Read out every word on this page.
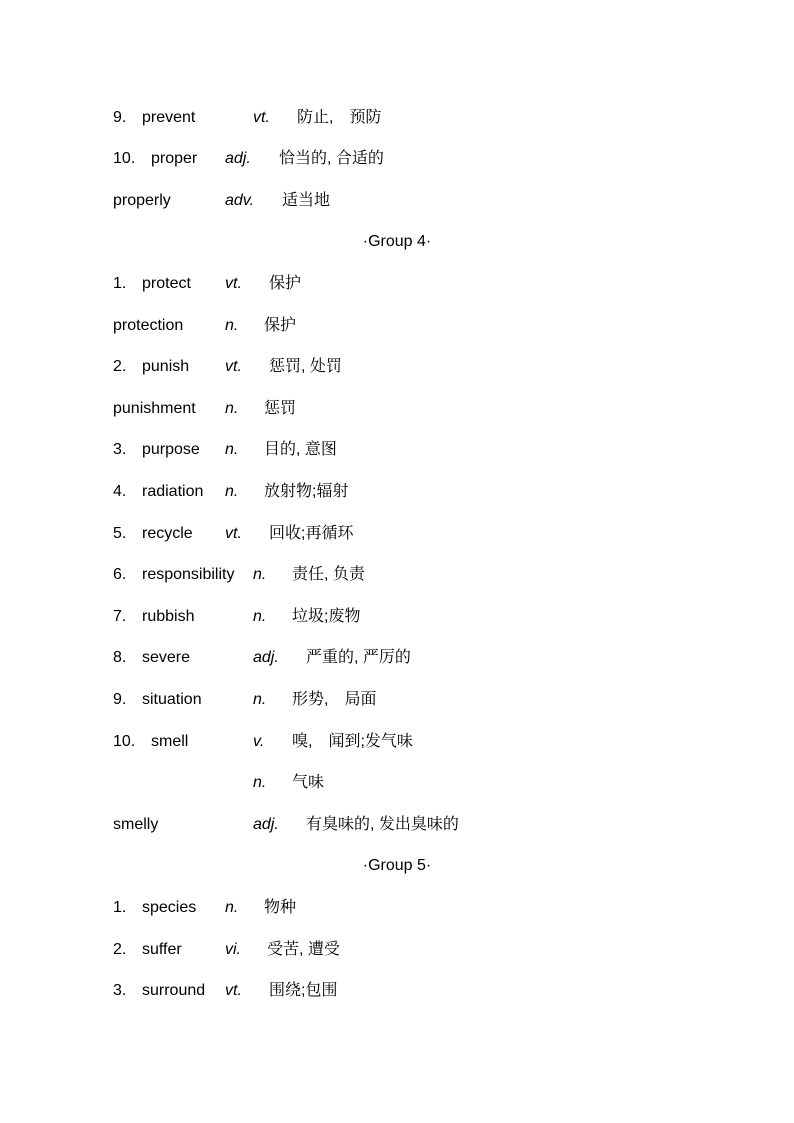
9. prevent	vt. 防止,　预防
10. proper adj. 恰当的, 合适的
properly	adv. 适当地
·Group 4·
1. protect vt. 保护
protection	n. 保护
2. punish vt. 惩罚, 处罚
punishment n. 惩罚
3. purpose n. 目的, 意图
4. radiation n. 放射物;辐射
5. recycle vt. 回收;再循环
6. responsibility n. 责任, 负责
7. rubbish	n. 垃圾;废物
8. severe	adj. 严重的, 严厉的
9. situation	n. 形势,　局面
10. smell	v. 嗅,　闻到;发气味
n. 气味
smelly	adj. 有臭味的, 发出臭味的
·Group 5·
1. species n. 物种
2. suffer	vi. 受苦, 遭受
3. surround vt. 围绕;包围
